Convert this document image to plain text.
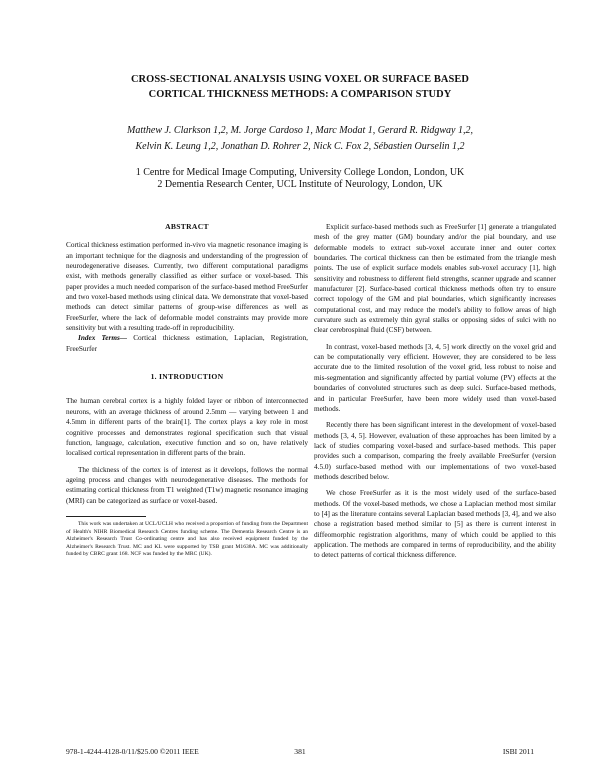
CROSS-SECTIONAL ANALYSIS USING VOXEL OR SURFACE BASED
CORTICAL THICKNESS METHODS: A COMPARISON STUDY
Matthew J. Clarkson 1,2, M. Jorge Cardoso 1, Marc Modat 1, Gerard R. Ridgway 1,2,
Kelvin K. Leung 1,2, Jonathan D. Rohrer 2, Nick C. Fox 2, Sébastien Ourselin 1,2
1 Centre for Medical Image Computing, University College London, London, UK
2 Dementia Research Center, UCL Institute of Neurology, London, UK
ABSTRACT

Cortical thickness estimation performed in-vivo via magnetic resonance imaging is an important technique for the diagnosis and understanding of the progression of neurodegenerative diseases. Currently, two different computational paradigms exist, with methods generally classified as either surface or voxel-based. This paper provides a much needed comparison of the surface-based method FreeSurfer and two voxel-based methods using clinical data. We demonstrate that voxel-based methods can detect similar patterns of group-wise differences as well as FreeSurfer, where the lack of deformable model constraints may provide more sensitivity but with a resulting trade-off in reproducibility.

Index Terms— Cortical thickness estimation, Laplacian, Registration, FreeSurfer

1. INTRODUCTION

The human cerebral cortex is a highly folded layer or ribbon of interconnected neurons, with an average thickness of around 2.5mm — varying between 1 and 4.5mm in different parts of the brain[1]. The cortex plays a key role in most cognitive processes and demonstrates regional specification such that visual function, language, calculation, executive function and so on, have relatively localised cortical representation in different parts of the brain.

The thickness of the cortex is of interest as it develops, follows the normal ageing process and changes with neurodegenerative diseases. The methods for estimating cortical thickness from T1 weighted (T1w) magnetic resonance imaging (MRI) can be categorized as surface or voxel-based.

This work was undertaken at UCL/UCLH who received a proportion of funding from the Department of Health's NIHR Biomedical Research Centres funding scheme. The Dementia Research Centre is an Alzheimer's Research Trust Co-ordinating centre and has also received equipment funded by the Alzheimer's Research Trust. MC and KL were supported by TSB grant M1638A. MC was additionally funded by CBRC grant 168. NCF was funded by the MRC (UK).

Explicit surface-based methods such as FreeSurfer [1] generate a triangulated mesh of the grey matter (GM) boundary and/or the pial boundary, and use deformable models to extract sub-voxel accurate inner and outer cortex boundaries. The cortical thickness can then be estimated from the triangle mesh points. The use of explicit surface models enables sub-voxel accuracy [1], high sensitivity and robustness to different field strengths, scanner upgrade and scanner manufacturer [2]. Surface-based cortical thickness methods often try to ensure correct topology of the GM and pial boundaries, which significantly increases computational cost, and may reduce the model's ability to follow areas of high curvature such as extremely thin gyral stalks or opposing sides of sulci with no clear cerebrospinal fluid (CSF) between.

In contrast, voxel-based methods [3, 4, 5] work directly on the voxel grid and can be computationally very efficient. However, they are considered to be less accurate due to the limited resolution of the voxel grid, less robust to noise and mis-segmentation and significantly affected by partial volume (PV) effects at the boundaries of convoluted structures such as deep sulci. Surface-based methods, and in particular FreeSurfer, have been more widely used than voxel-based methods.

Recently there has been significant interest in the development of voxel-based methods [3, 4, 5]. However, evaluation of these approaches has been limited by a lack of studies comparing voxel-based and surface-based methods. This paper provides such a comparison, comparing the freely available FreeSurfer (version 4.5.0) surface-based method with our implementations of two voxel-based methods described below.

We chose FreeSurfer as it is the most widely used of the surface-based methods. Of the voxel-based methods, we chose a Laplacian method most similar to [4] as the literature contains several Laplacian based methods [3, 4], and we also chose a registration based method similar to [5] as there is current interest in diffeomorphic registration algorithms, many of which could be applied to this application. The methods are compared in terms of reproducibility, and the ability to detect patterns of cortical thickness difference.

978-1-4244-4128-0/11/$25.00 ©2011 IEEE	381	ISBI 2011
